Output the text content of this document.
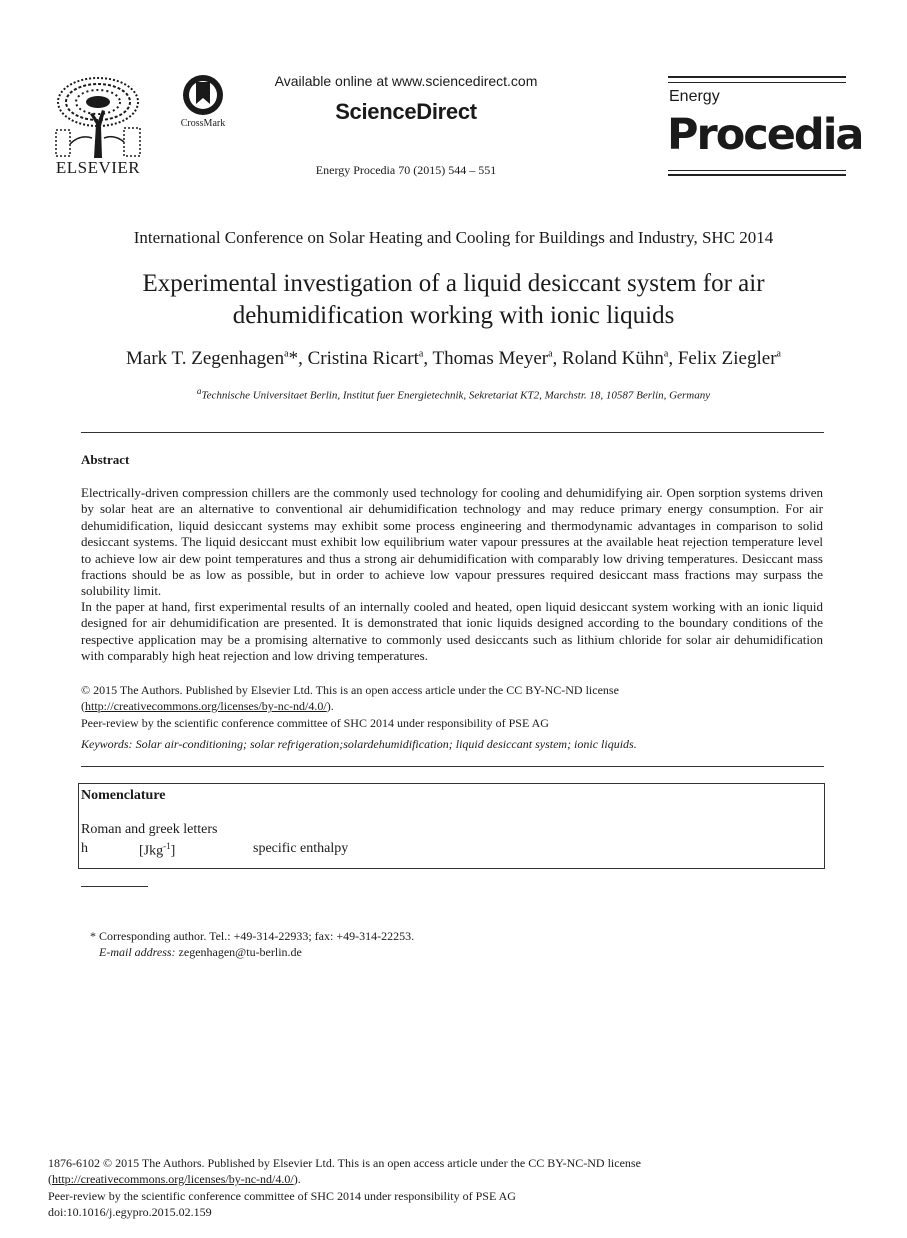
ELSEVIER
CrossMark
Available online at www.sciencedirect.com
ScienceDirect
Energy Procedia 70 (2015) 544 – 551
Energy
Procedia
International Conference on Solar Heating and Cooling for Buildings and Industry, SHC 2014
Experimental investigation of a liquid desiccant system for air
dehumidification working with ionic liquids
Mark T. Zegenhagen$^a$*, Cristina Ricart$^a$, Thomas Meyer$^a$, Roland Kühn$^a$, Felix Ziegler$^a$
$^a$Technische Universitaet Berlin, Institut fuer Energietechnik, Sekretariat KT2, Marchstr. 18, 10587 Berlin, Germany
Abstract
Electrically-driven compression chillers are the commonly used technology for cooling and dehumidifying air. Open sorption systems driven by solar heat are an alternative to conventional air dehumidification technology and may reduce primary energy consumption. For air dehumidification, liquid desiccant systems may exhibit some process engineering and thermodynamic advantages in comparison to solid desiccant systems. The liquid desiccant must exhibit low equilibrium water vapour pressures at the available heat rejection temperature level to achieve low air dew point temperatures and thus a strong air dehumidification with comparably low driving temperatures. Desiccant mass fractions should be as low as possible, but in order to achieve low vapour pressures required desiccant mass fractions may surpass the solubility limit.
In the paper at hand, first experimental results of an internally cooled and heated, open liquid desiccant system working with an ionic liquid designed for air dehumidification are presented. It is demonstrated that ionic liquids designed according to the boundary conditions of the respective application may be a promising alternative to commonly used desiccants such as lithium chloride for solar air dehumidification with comparably high heat rejection and low driving temperatures.
© 2015 The Authors. Published by Elsevier Ltd. This is an open access article under the CC BY-NC-ND license
(http://creativecommons.org/licenses/by-nc-nd/4.0/).
Peer-review by the scientific conference committee of SHC 2014 under responsibility of PSE AG
Keywords: Solar air-conditioning; solar refrigeration;solardehumidification; liquid desiccant system; ionic liquids.
Nomenclature
Roman and greek letters
h	[Jkg$^{-1}$]	specific enthalpy
* Corresponding author. Tel.: +49-314-22933; fax: +49-314-22253.
E-mail address: zegenhagen@tu-berlin.de
1876-6102 © 2015 The Authors. Published by Elsevier Ltd. This is an open access article under the CC BY-NC-ND license
(http://creativecommons.org/licenses/by-nc-nd/4.0/).
Peer-review by the scientific conference committee of SHC 2014 under responsibility of PSE AG
doi:10.1016/j.egypro.2015.02.159
